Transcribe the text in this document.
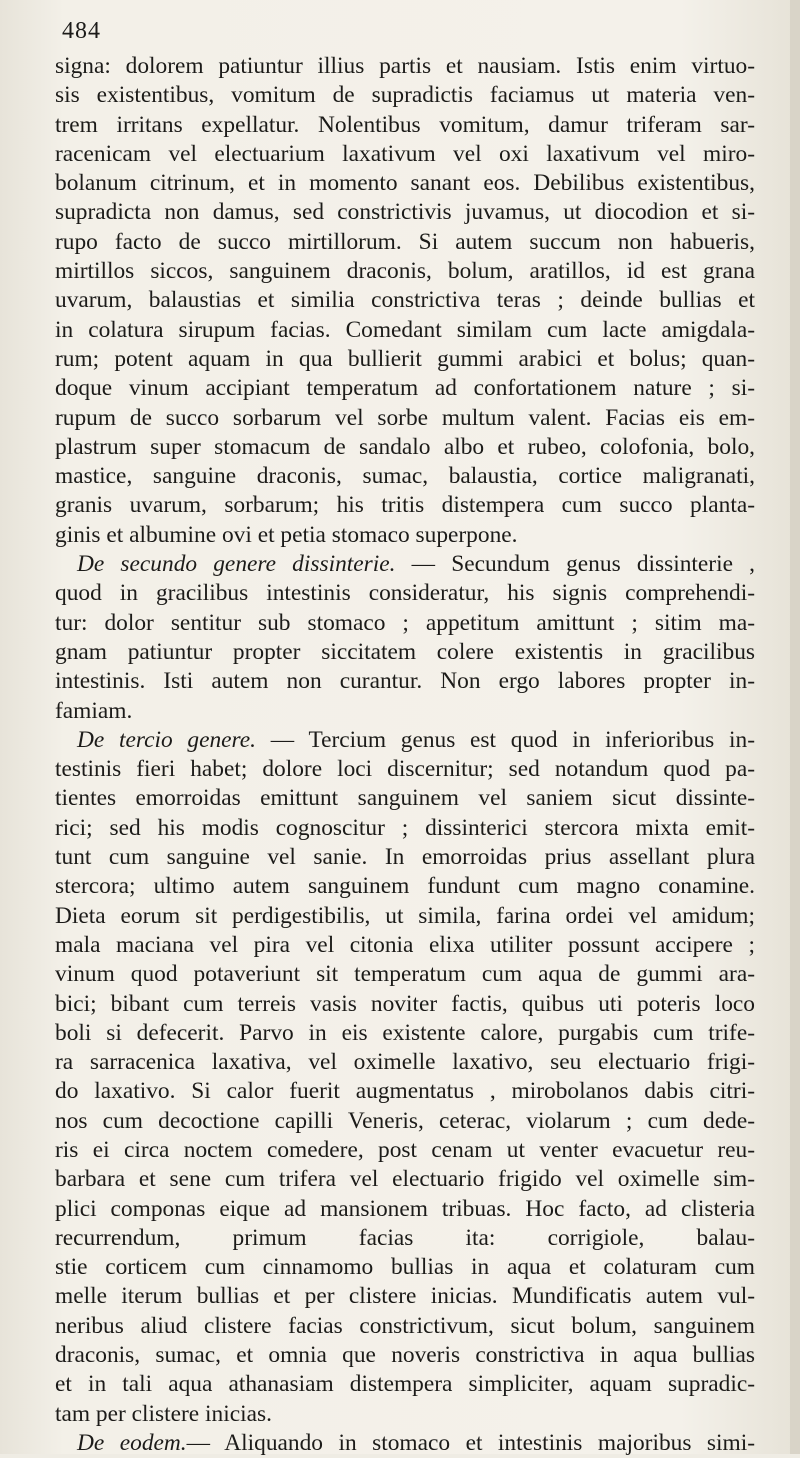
484
signa: dolorem patiuntur illius partis et nausiam. Istis enim virtuo-
sis existentibus, vomitum de supradictis faciamus ut materia ven-
trem irritans expellatur. Nolentibus vomitum, damur triferam sar-
racenicam vel electuarium laxativum vel oxi laxativum vel miro-
bolanum citrinum, et in momento sanant eos. Debilibus existentibus,
supradicta non damus, sed constrictivis juvamus, ut diocodion et si-
rupo facto de succo mirtillorum. Si autem succum non habueris,
mirtillos siccos, sanguinem draconis, bolum, aratillos, id est grana
uvarum, balaustias et similia constrictiva teras ; deinde bullias et
in colatura sirupum facias. Comedant similam cum lacte amigdala-
rum; potent aquam in qua bullierit gummi arabici et bolus; quan-
doque vinum accipiant temperatum ad confortationem nature ; si-
rupum de succo sorbarum vel sorbe multum valent. Facias eis em-
plastrum super stomacum de sandalo albo et rubeo, colofonia, bolo,
mastice, sanguine draconis, sumac, balaustia, cortice maligranati,
granis uvarum, sorbarum; his tritis distempera cum succo planta-
ginis et albumine ovi et petia stomaco superpone.
De secundo genere dissinterie. — Secundum genus dissinterie ,
quod in gracilibus intestinis consideratur, his signis comprehendi-
tur: dolor sentitur sub stomaco ; appetitum amittunt ; sitim ma-
gnam patiuntur propter siccitatem colere existentis in gracilibus
intestinis. Isti autem non curantur. Non ergo labores propter in-
famiam.
De tercio genere. — Tercium genus est quod in inferioribus in-
testinis fieri habet; dolore loci discernitur; sed notandum quod pa-
tientes emorroidas emittunt sanguinem vel saniem sicut dissinte-
rici; sed his modis cognoscitur ; dissinterici stercora mixta emit-
tunt cum sanguine vel sanie. In emorroidas prius assellant plura
stercora; ultimo autem sanguinem fundunt cum magno conamine.
Dieta eorum sit perdigestibilis, ut simila, farina ordei vel amidum;
mala maciana vel pira vel citonia elixa utiliter possunt accipere ;
vinum quod potaveriunt sit temperatum cum aqua de gummi ara-
bici; bibant cum terreis vasis noviter factis, quibus uti poteris loco
boli si defecerit. Parvo in eis existente calore, purgabis cum trife-
ra sarracenica laxativa, vel oximelle laxativo, seu electuario frigi-
do laxativo. Si calor fuerit augmentatus , mirobolanos dabis citri-
nos cum decoctione capilli Veneris, ceterac, violarum ; cum dede-
ris ei circa noctem comedere, post cenam ut venter evacuetur reu-
barbara et sene cum trifera vel electuario frigido vel oximelle sim-
plici componas eique ad mansionem tribuas. Hoc facto, ad clisteria
recurrendum, primum facias ita: corrigiole, balau-
stie corticem cum cinnamomo bullias in aqua et colaturam cum
melle iterum bullias et per clistere inicias. Mundificatis autem vul-
neribus aliud clistere facias constrictivum, sicut bolum, sanguinem
draconis, sumac, et omnia que noveris constrictiva in aqua bullias
et in tali aqua athanasiam distempera simpliciter, aquam supradic-
tam per clistere inicias.
De eodem.— Aliquando in stomaco et intestinis majoribus simi-
